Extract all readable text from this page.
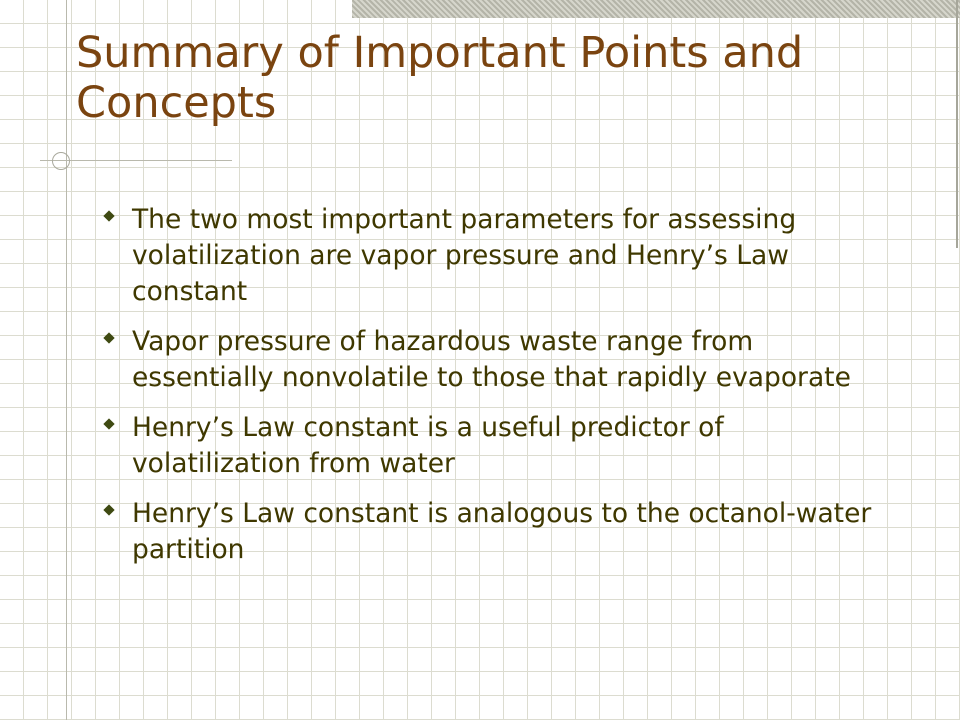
Summary of Important Points and Concepts
The two most important parameters for assessing volatilization are vapor pressure and Henry’s Law constant
Vapor pressure of hazardous waste range from essentially nonvolatile to those that rapidly evaporate
Henry’s Law constant is a useful predictor of volatilization from water
Henry’s Law constant is analogous to the octanol-water partition
